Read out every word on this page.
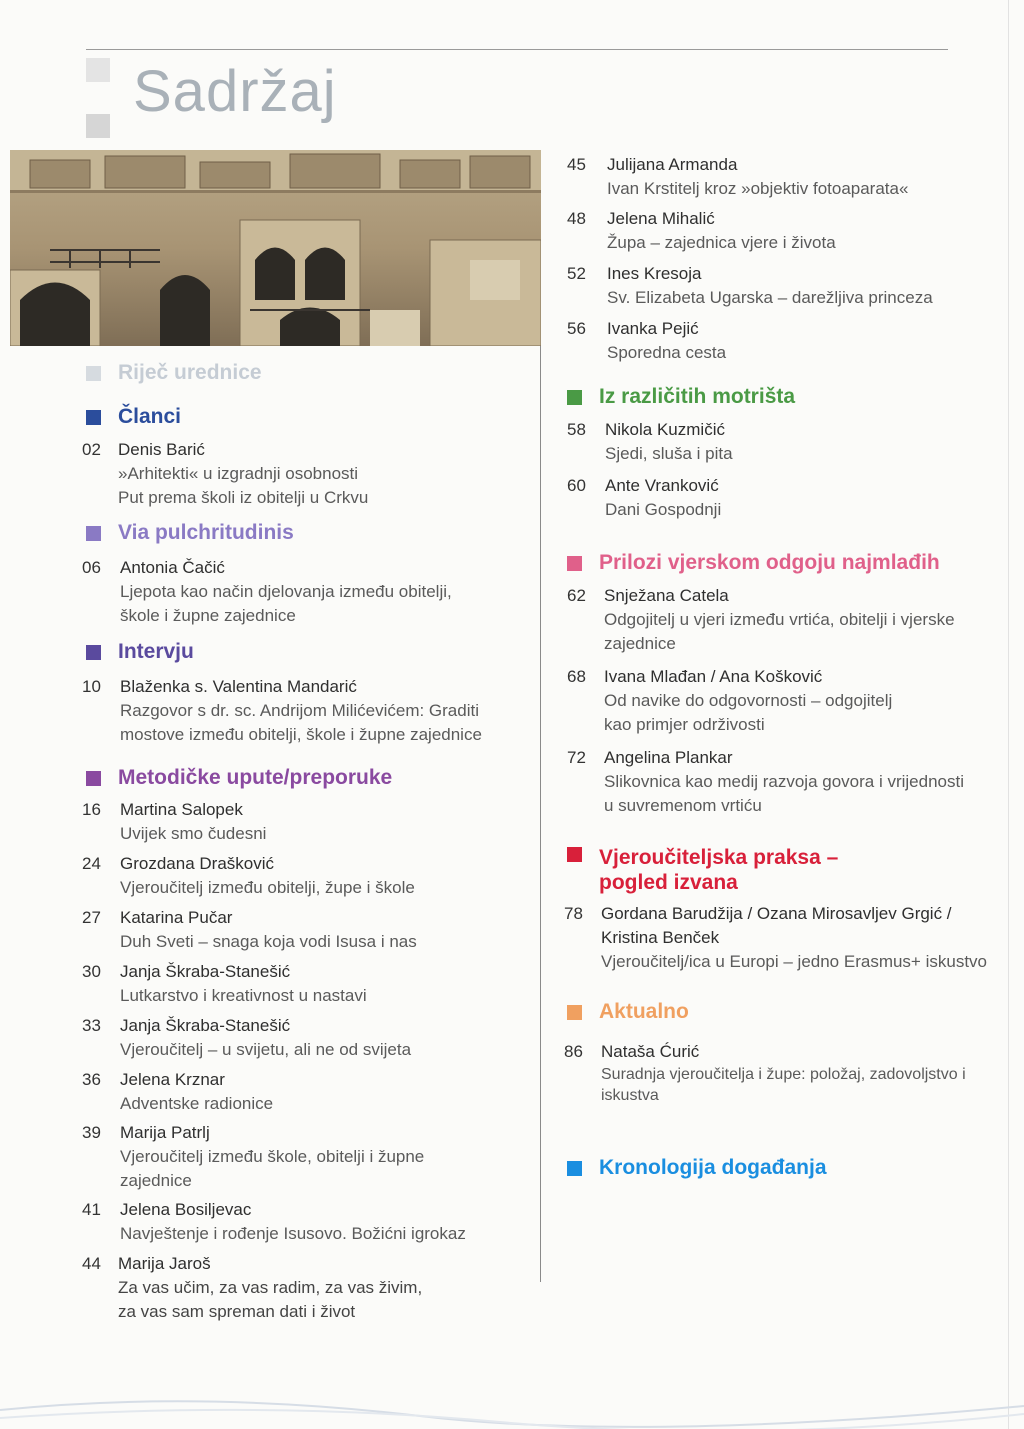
Sadržaj
Riječ urednice
Članci
02	Denis Barić
»Arhitekti« u izgradnji osobnosti
Put prema školi iz obitelji u Crkvu
Via pulchritudinis
06	Antonia Čačić
Ljepota kao način djelovanja između obitelji,
škole i župne zajednice
Intervju
10	Blaženka s. Valentina Mandarić
Razgovor s dr. sc. Andrijom Milićevićem: Graditi
mostove između obitelji, škole i župne zajednice
Metodičke upute/preporuke
16	Martina Salopek
Uvijek smo čudesni
24	Grozdana Drašković
Vjeroučitelj između obitelji, župe i škole
27	Katarina Pučar
Duh Sveti – snaga koja vodi Isusa i nas
30	Janja Škraba-Stanešić
Lutkarstvo i kreativnost u nastavi
33	Janja Škraba-Stanešić
Vjeroučitelj – u svijetu, ali ne od svijeta
36	Jelena Krznar
Adventske radionice
39	Marija Patrlj
Vjeroučitelj između škole, obitelji i župne
zajednice
41	Jelena Bosiljevac
Navještenje i rođenje Isusovo. Božićni igrokaz
44	Marija Jaroš
Za vas učim, za vas radim, za vas živim,
za vas sam spreman dati i život
45	Julijana Armanda
Ivan Krstitelj kroz »objektiv fotoaparata«
48	Jelena Mihalić
Župa – zajednica vjere i života
52	Ines Kresoja
Sv. Elizabeta Ugarska – darežljiva princeza
56	Ivanka Pejić
Sporedna cesta
Iz različitih motrišta
58	Nikola Kuzmičić
Sjedi, sluša i pita
60	Ante Vranković
Dani Gospodnji
Prilozi vjerskom odgoju najmlađih
62	Snježana Catela
Odgojitelj u vjeri između vrtića, obitelji i vjerske
zajednice
68	Ivana Mlađan / Ana Košković
Od navike do odgovornosti – odgojitelj
kao primjer održivosti
72	Angelina Plankar
Slikovnica kao medij razvoja govora i vrijednosti
u suvremenom vrtiću
Vjeroučiteljska praksa –
pogled izvana
78	Gordana Barudžija / Ozana Mirosavljev Grgić /
Kristina Benček
Vjeroučitelj/ica u Europi – jedno Erasmus+ iskustvo
Aktualno
86	Nataša Ćurić
Suradnja vjeroučitelja i župe: položaj, zadovoljstvo i
iskustva
Kronologija događanja
